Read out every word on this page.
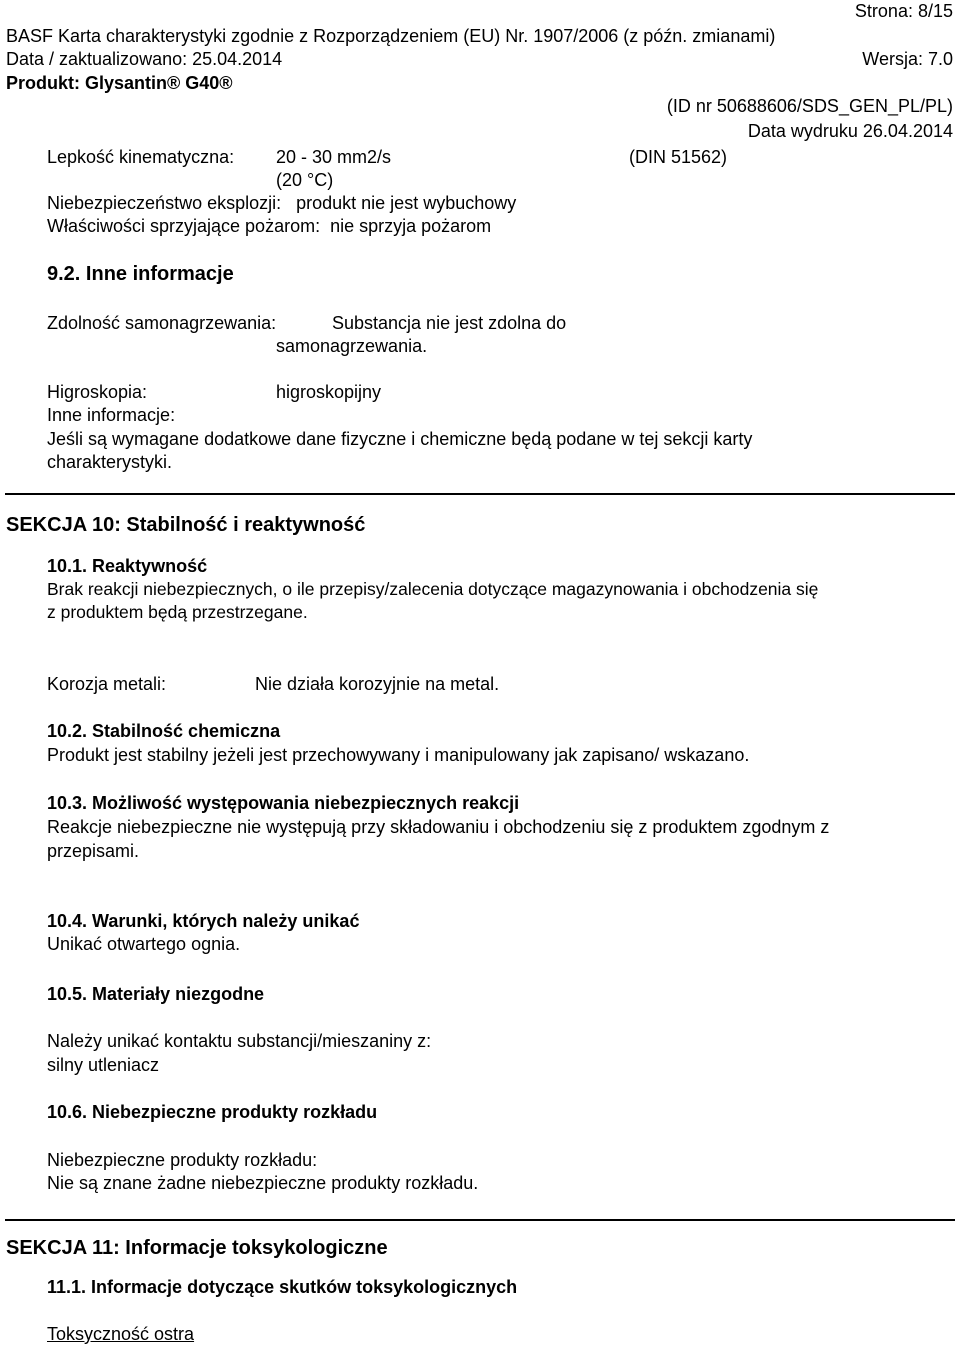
Strona: 8/15
BASF Karta charakterystyki zgodnie z Rozporządzeniem (EU) Nr. 1907/2006 (z późn. zmianami)
Data / zaktualizowano: 25.04.2014	Wersja: 7.0
Produkt: Glysantin® G40®
(ID nr 50688606/SDS_GEN_PL/PL)
Data wydruku 26.04.2014
Lepkość kinematyczna: 20 - 30 mm2/s	(DIN 51562)
(20 °C)
Niebezpieczeństwo eksplozji:   produkt nie jest wybuchowy
Właściwości sprzyjające pożarom:  nie sprzyja pożarom
9.2. Inne informacje
Zdolność samonagrzewania:	Substancja nie jest zdolna do
samonagrzewania.
Higroskopia:	higroskopijny
Inne informacje:
Jeśli są wymagane dodatkowe dane fizyczne i chemiczne będą podane w tej sekcji karty
charakterystyki.
SEKCJA 10: Stabilność i reaktywność
10.1. Reaktywność
Brak reakcji niebezpiecznych, o ile przepisy/zalecenia dotyczące magazynowania i obchodzenia się
z produktem będą przestrzegane.
Korozja metali:	Nie działa korozyjnie na metal.
10.2. Stabilność chemiczna
Produkt jest stabilny jeżeli jest przechowywany i manipulowany jak zapisano/ wskazano.
10.3. Możliwość występowania niebezpiecznych reakcji
Reakcje niebezpieczne nie występują przy składowaniu i obchodzeniu się z produktem zgodnym z
przepisami.
10.4. Warunki, których należy unikać
Unikać otwartego ognia.
10.5. Materiały niezgodne
Należy unikać kontaktu substancji/mieszaniny z:
silny utleniacz
10.6. Niebezpieczne produkty rozkładu
Niebezpieczne produkty rozkładu:
Nie są znane żadne niebezpieczne produkty rozkładu.
SEKCJA 11: Informacje toksykologiczne
11.1. Informacje dotyczące skutków toksykologicznych
Toksyczność ostra
